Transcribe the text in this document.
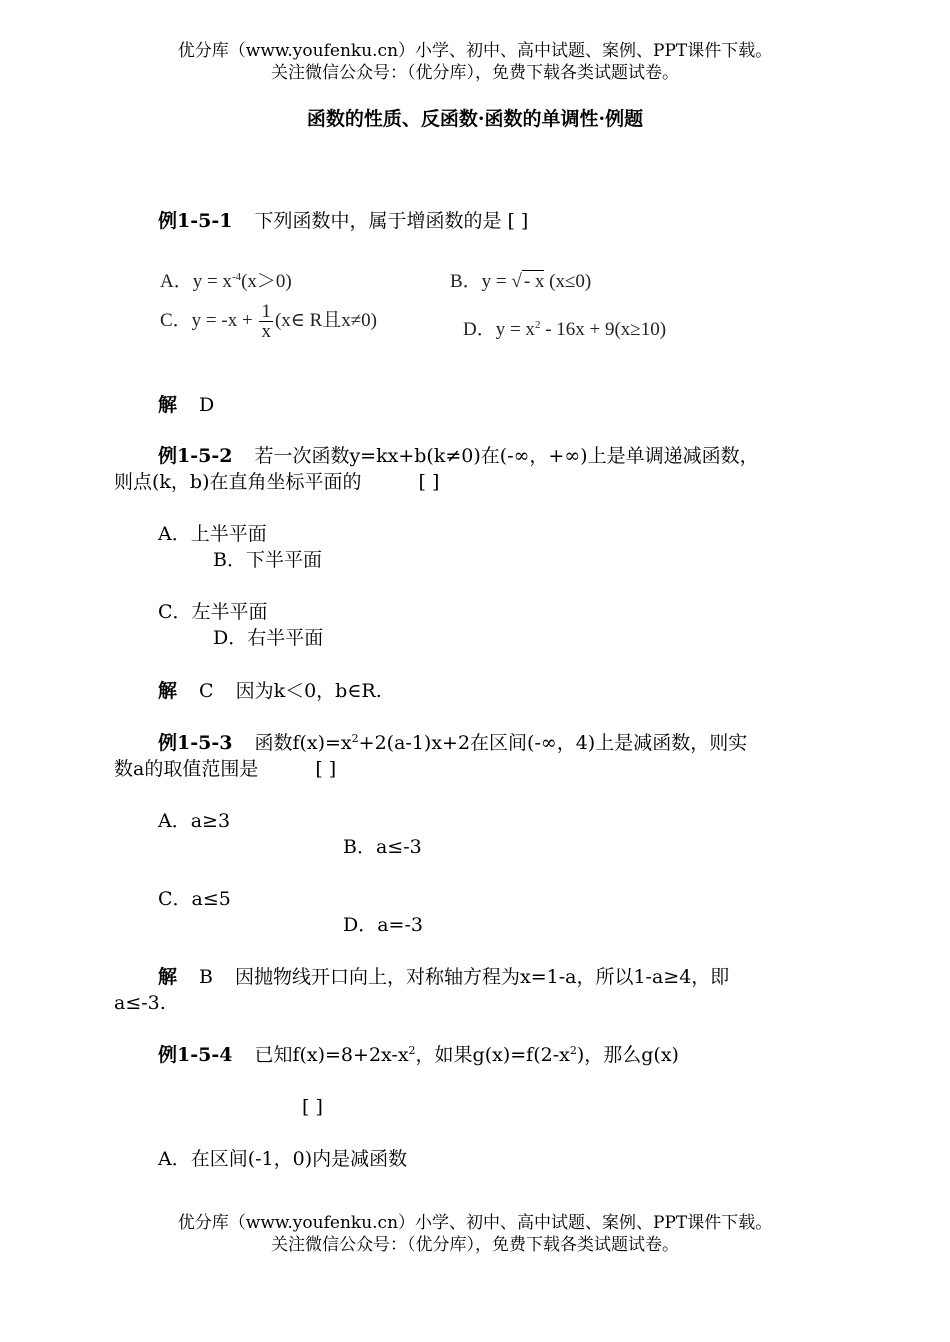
优分库（www.youfenku.cn）小学、初中、高中试题、案例、PPT课件下载。
关注微信公众号：（优分库），免费下载各类试题试卷。
函数的性质、反函数·函数的单调性·例题
例1-5-1 下列函数中，属于增函数的是 [ ]
A．$y = x^{-4}(x>0)$	B．y = √ - x (x≤0)
C．$y = -x + \frac{1}{x}$ (x∈ R且x≠0)	D．$y = x^2 - 16x + 9(x\ge 10)$
解 D
例1-5-2 若一次函数y=kx+b(k≠0)在(-∞，+∞)上是单调递减函数，
则点(k，b)在直角坐标平面的　　　[ ]
A．上半平面
B．下半平面
C．左半平面
D．右半平面
解 C 因为k＜0，b∈R.
例1-5-3 函数$f(x)=x^2+2(a-1)x+2$在区间(-∞，4)上是减函数，则实
数a的取值范围是　　　[ ]
A．a≥3
B．a≤-3
C．a≤5
D．a=-3
解 B 因抛物线开口向上，对称轴方程为x=1-a，所以1-a≥4，即
a≤-3.
例1-5-4 已知$f(x)=8+2x-x^2$，如果$g(x)=f(2-x^2)$，那么g(x)
[ ]
A．在区间(-1，0)内是减函数
优分库（www.youfenku.cn）小学、初中、高中试题、案例、PPT课件下载。
关注微信公众号：（优分库），免费下载各类试题试卷。
